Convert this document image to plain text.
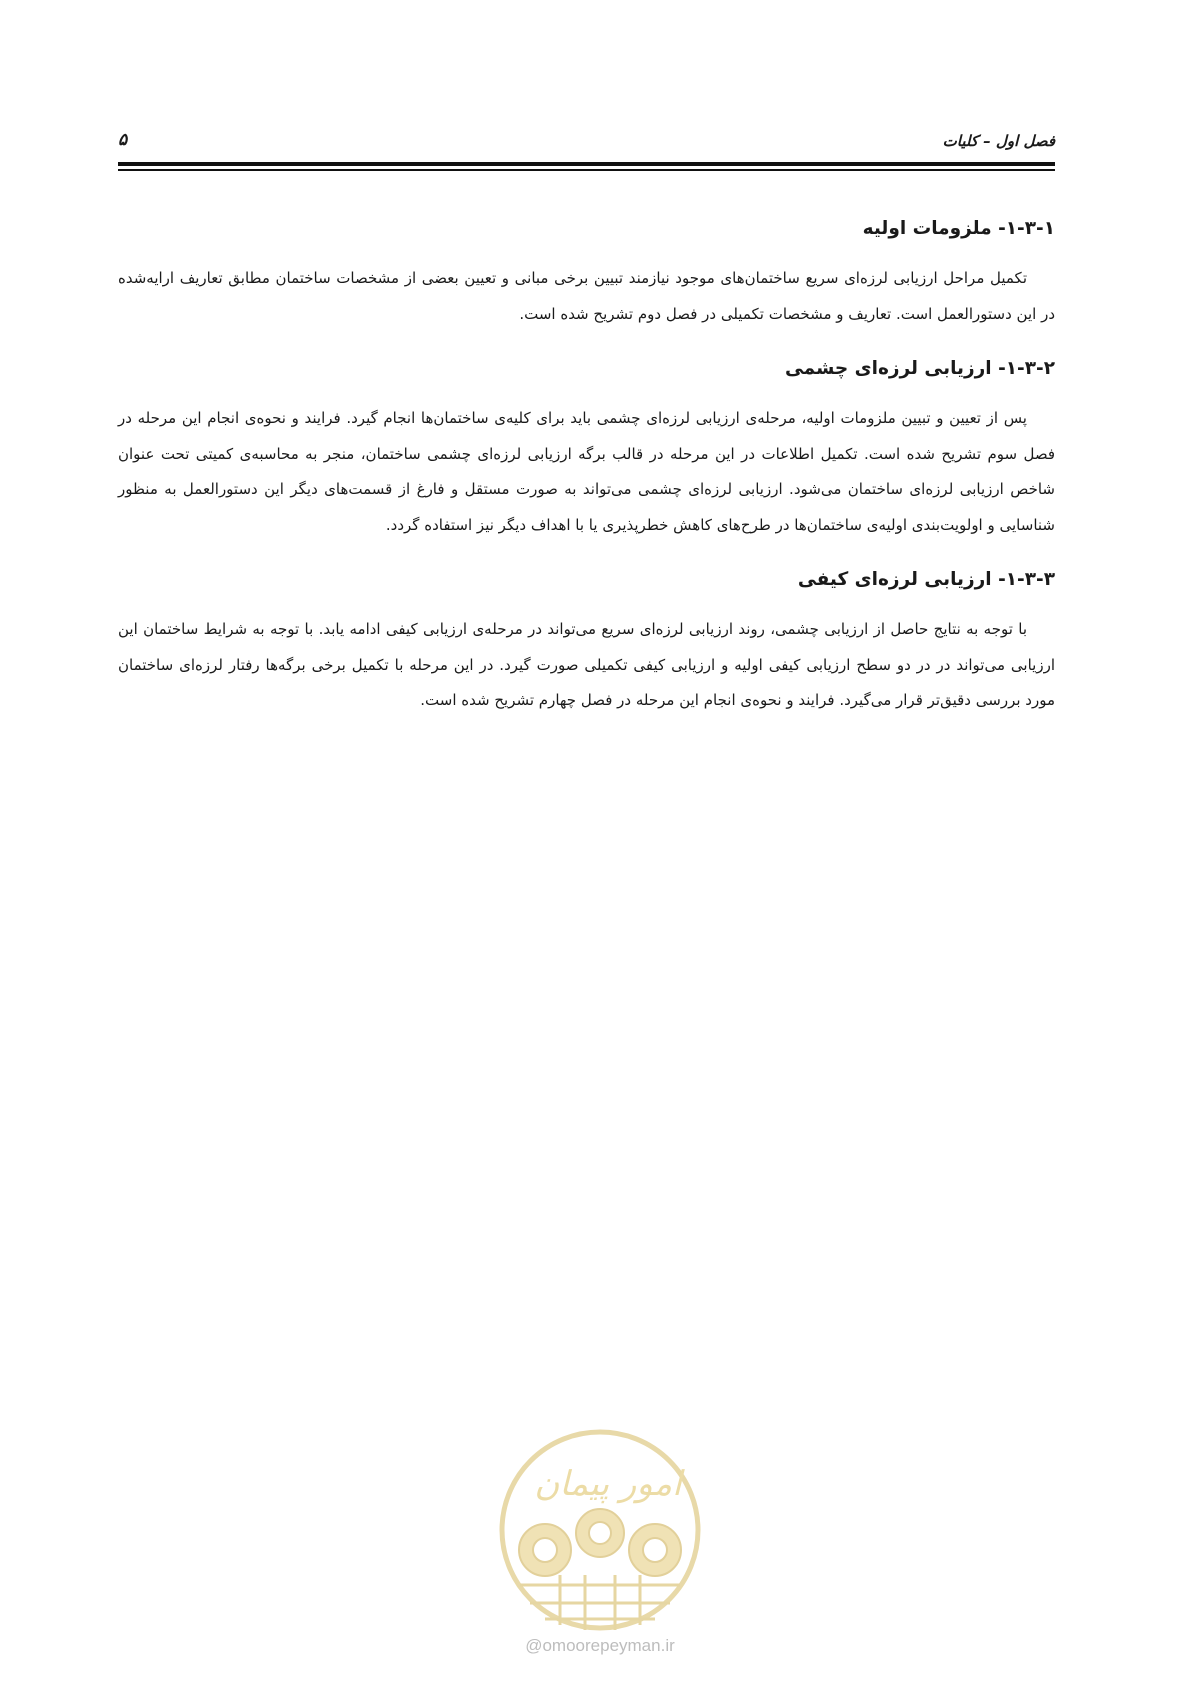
فصل اول – کلیات
۵
۱-۳-۱- ملزومات اولیه

تکمیل مراحل ارزیابی لرزه‌ای سریع ساختمان‌های موجود نیازمند تبیین برخی مبانی و تعیین بعضی از مشخصات ساختمان مطابق تعاریف ارایه‌شده در این دستورالعمل است. تعاریف و مشخصات تکمیلی در فصل دوم تشریح شده است.

۱-۳-۲- ارزیابی لرزه‌ای چشمی

پس از تعیین و تبیین ملزومات اولیه، مرحله‌ی ارزیابی لرزه‌ای چشمی باید برای کلیه‌ی ساختمان‌ها انجام گیرد. فرایند و نحوه‌ی انجام این مرحله در فصل سوم تشریح شده است. تکمیل اطلاعات در این مرحله در قالب برگه ارزیابی لرزه‌ای چشمی ساختمان، منجر به محاسبه‌ی کمیتی تحت عنوان شاخص ارزیابی لرزه‌ای ساختمان می‌شود. ارزیابی لرزه‌ای چشمی می‌تواند به صورت مستقل و فارغ از قسمت‌های دیگر این دستورالعمل به منظور شناسایی و اولویت‌بندی اولیه‌ی ساختمان‌ها در طرح‌های کاهش خطرپذیری یا با اهداف دیگر نیز استفاده گردد.

۱-۳-۳- ارزیابی لرزه‌ای کیفی

با توجه به نتایج حاصل از ارزیابی چشمی، روند ارزیابی لرزه‌ای سریع می‌تواند در مرحله‌ی ارزیابی کیفی ادامه یابد. با توجه به شرایط ساختمان این ارزیابی می‌تواند در در دو سطح ارزیابی کیفی اولیه و ارزیابی کیفی تکمیلی صورت گیرد. در این مرحله با تکمیل برخی برگه‌ها رفتار لرزه‌ای ساختمان مورد بررسی دقیق‌تر قرار می‌گیرد. فرایند و نحوه‌ی انجام این مرحله در فصل چهارم تشریح شده است.

امور پیمان
@omoorepeyman.ir
